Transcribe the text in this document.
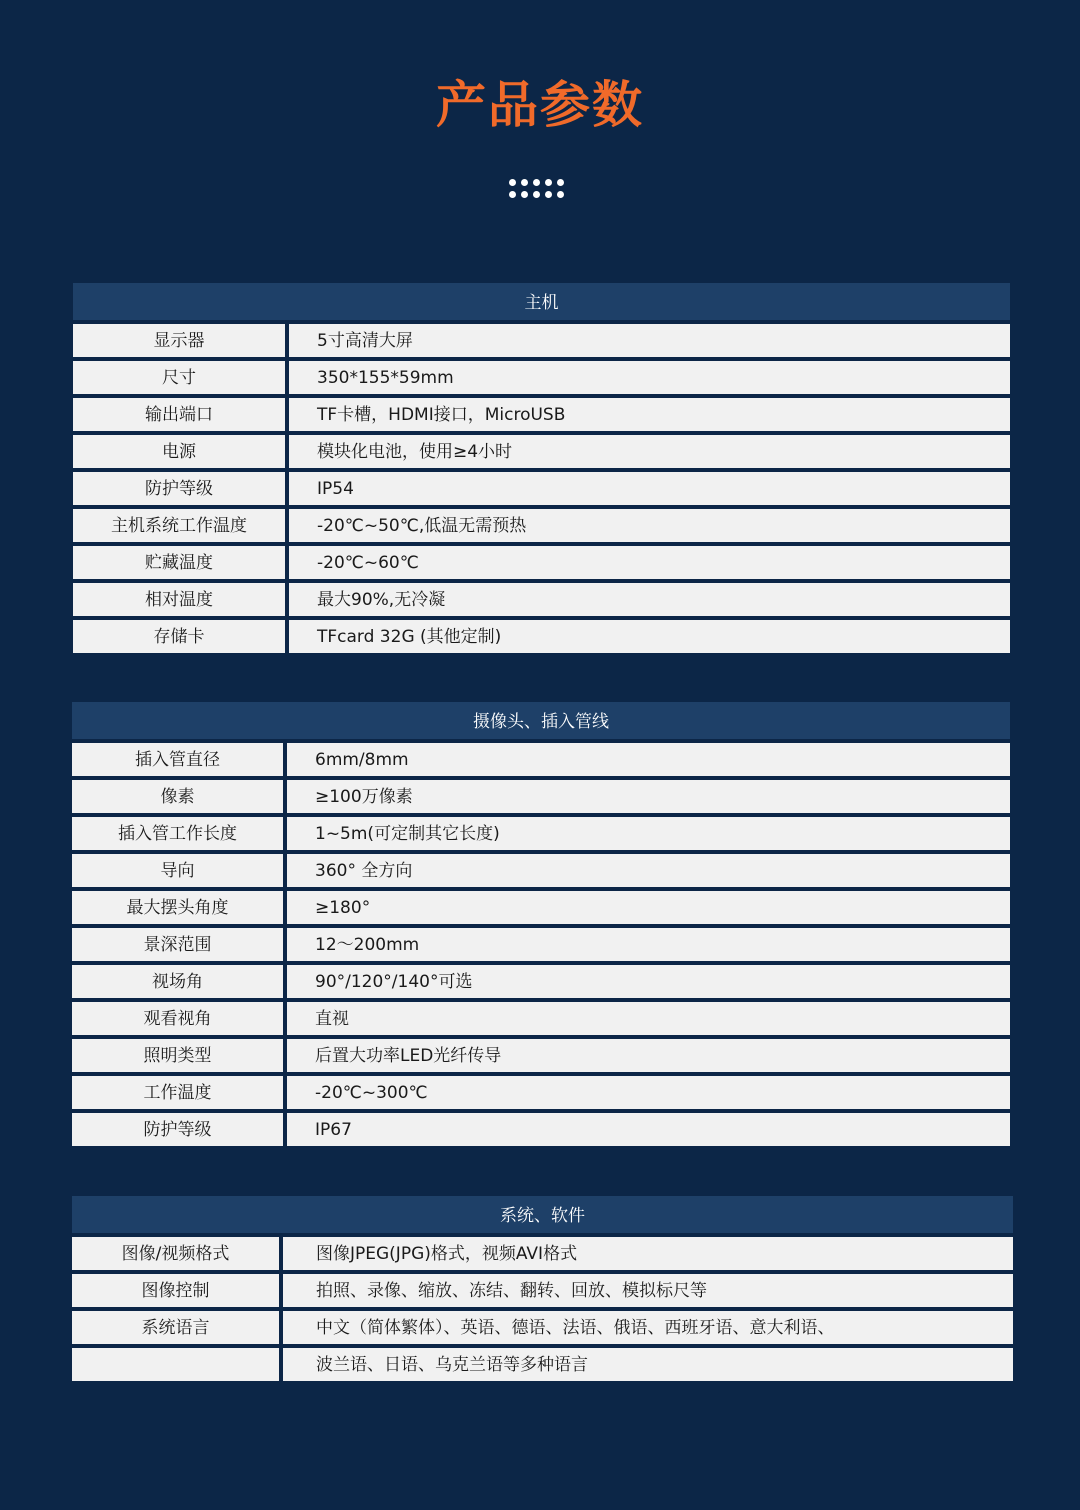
产品参数
主机
显示器	5寸高清大屏
尺寸	350*155*59mm
输出端口	TF卡槽，HDMI接口，MicroUSB
电源	模块化电池，使用≥4小时
防护等级	IP54
主机系统工作温度	-20℃~50℃,低温无需预热
贮藏温度	-20℃~60℃
相对温度	最大90%,无冷凝
存储卡	TFcard 32G (其他定制)
摄像头、插入管线
插入管直径	6mm/8mm
像素	≥100万像素
插入管工作长度	1~5m(可定制其它长度)
导向	360° 全方向
最大摆头角度	≥180°
景深范围	12～200mm
视场角	90°/120°/140°可选
观看视角	直视
照明类型	后置大功率LED光纤传导
工作温度	-20℃~300℃
防护等级	IP67
系统、软件
图像/视频格式	图像JPEG(JPG)格式，视频AVI格式
图像控制	拍照、录像、缩放、冻结、翻转、回放、模拟标尺等
系统语言	中文（简体繁体）、英语、德语、法语、俄语、西班牙语、意大利语、
波兰语、日语、乌克兰语等多种语言
